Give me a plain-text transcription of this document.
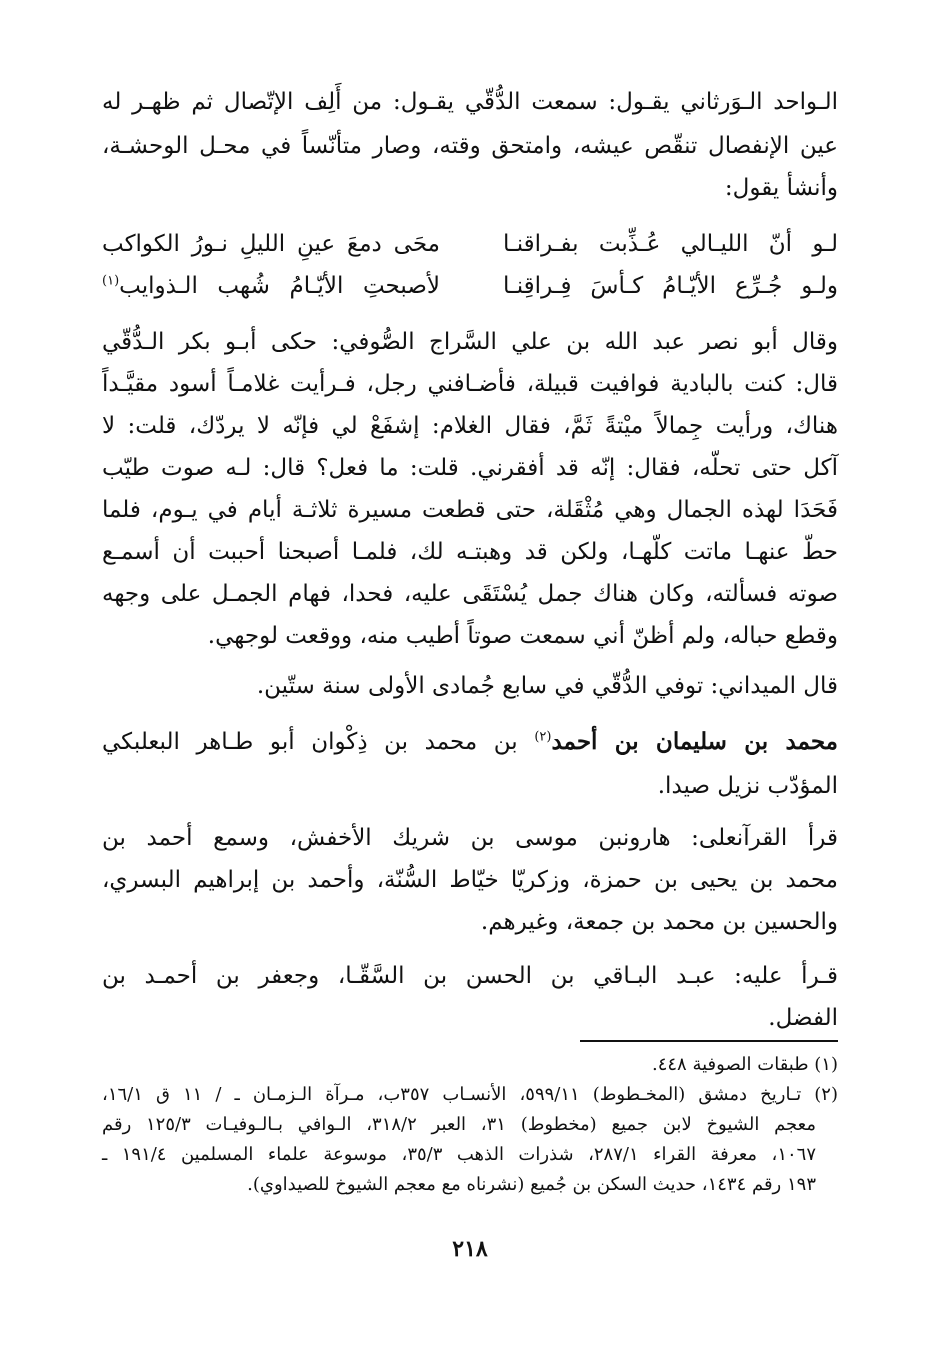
الـواحد الـوَرثاني يقـول: سمعت الدُّقّي يقـول: من أَلِف الإتّصال ثم ظهـر له
عين الإنفصال تنقّص عيشه، وامتحق وقته، وصار متأنّساً في محـل الوحشـة،
وأنشأ يقول:
لـو أنّ الليـالي عُـذِّبت بفـراقنـا
محَى دمعَ عينِ الليلِ نـورُ الكواكب
ولـو جُـرِّع الأيّـامُ كـأسَ فِـراقِنـا
لأصبحتِ الأيّـامُ شُهب الـذوايب$^{(١)}$
وقال أبو نصر عبد الله بن علي السَّراج الصُّوفي: حكى أبـو بكر الـدُّقّي
قال: كنت بالبادية فوافيت قبيلة، فأضـافني رجل، فـرأيت غلامـاً أسود مقيَّـداً
هناك، ورأيت جِمالاً ميْتةً ثَمَّ، فقال الغلام: إشفَعْ لي فإنّه لا يردّك، قلت: لا
آكل حتى تحلّه، فقال: إنّه قد أفقرني. قلت: ما فعل؟ قال: لـه صوت طيّب
فَحَدَا لهذه الجمال وهي مُثْقَلة، حتى قطعت مسيرة ثلاثـة أيام في يـوم، فلما
حطّ عنهـا ماتت كلّهـا، ولكن قد وهبتـه لك، فلمـا أصبحنا أحببت أن أسمـع
صوته فسألته، وكان هناك جمل يُسْتَقَى عليه، فحدا، فهام الجمـل على وجهه
وقطع حباله، ولم أظنّ أني سمعت صوتاً أطيب منه، ووقعت لوجهي.
قال الميداني: توفي الدُّقّي في سابع جُمادى الأولى سنة ستّين.
محمد بن سليمان بن أحمد$^{(٢)}$ بن محمد بن ذِكْوان أبو طـاهر البعلبكي
المؤدّب نزيل صيدا.
قرأ القرآنعلى: هارونبن موسى بن شريك الأخفش، وسمع أحمد بن
محمد بن يحيى بن حمزة، وزكريّا خيّاط السُّنّة، وأحمد بن إبراهيم البسري،
والحسين بن محمد بن جمعة، وغيرهم.
قـرأ عليه: عبـد البـاقي بن الحسن بن السَّقّـا، وجعفر بن أحمـد بن
الفضل.
(١) طبقات الصوفية ٤٤٨.
(٢) تـاريخ دمشق (المخـطوط) ٥٩٩/١١، الأنسـاب ٣٥٧ب، مـرآة الـزمـان ـ / ١١ ق ١٦/١،
معجم الشيوخ لابن جميع (مخطوط) ٣١، العبر ٣١٨/٢، الـوافي بـالـوفيـات ١٢٥/٣ رقم
١٠٦٧، معرفة القراء ٢٨٧/١، شذرات الذهب ٣٥/٣، موسوعة علماء المسلمين ١٩١/٤ ـ
١٩٣ رقم ١٤٣٤، حديث السكن بن جُميع (نشرناه مع معجم الشيوخ للصيداوي).
٢١٨
